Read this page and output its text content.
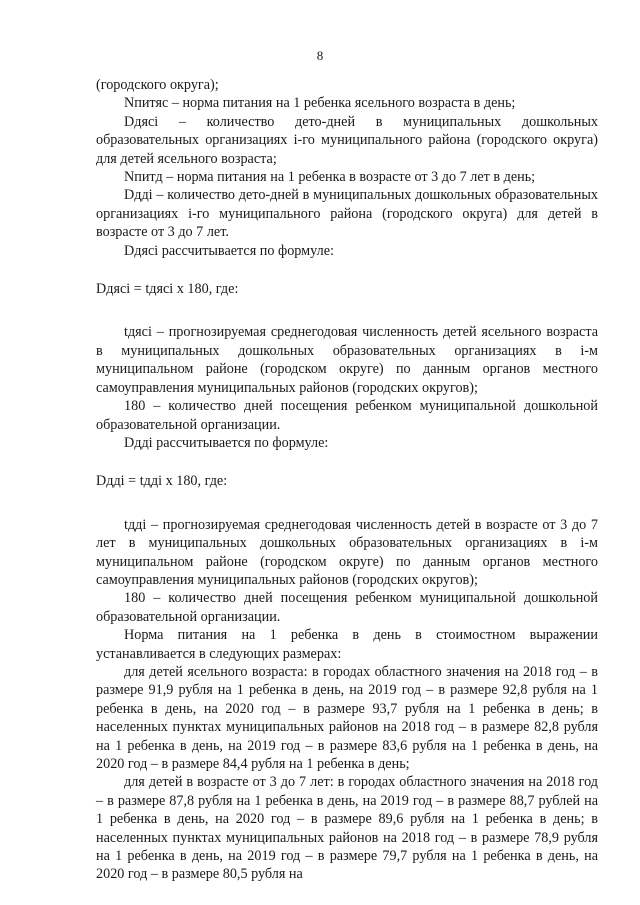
8

(городского округа);

Nпитяс – норма питания на 1 ребенка ясельного возраста в день;

Dдясi – количество дето-дней в муниципальных дошкольных образовательных организациях i-го муниципального района (городского округа) для детей ясельного возраста;

Nпитд – норма питания на 1 ребенка в возрасте от 3 до 7 лет в день;

Dдді – количество дето-дней в муниципальных дошкольных образовательных организациях i-го муниципального района (городского округа) для детей в возрасте от 3 до 7 лет.

Dдясi рассчитывается по формуле:

Dдясi = tдясi х 180, где:

tдясi – прогнозируемая среднегодовая численность детей ясельного возраста в муниципальных дошкольных образовательных организациях в i-м муниципальном районе (городском округе) по данным органов местного самоуправления муниципальных районов (городских округов);

180 – количество дней посещения ребенком муниципальной дошкольной образовательной организации.

Dдді рассчитывается по формуле:

Dдді = tдді х 180, где:

tдді – прогнозируемая среднегодовая численность детей в возрасте от 3 до 7 лет в муниципальных дошкольных образовательных организациях в i-м муниципальном районе (городском округе) по данным органов местного самоуправления муниципальных районов (городских округов);

180 – количество дней посещения ребенком муниципальной дошкольной образовательной организации.

Норма питания на 1 ребенка в день в стоимостном выражении устанавливается в следующих размерах:

для детей ясельного возраста: в городах областного значения на 2018 год – в размере 91,9 рубля на 1 ребенка в день, на 2019 год – в размере 92,8 рубля на 1 ребенка в день, на 2020 год – в размере 93,7 рубля на 1 ребенка в день; в населенных пунктах муниципальных районов на 2018 год – в размере 82,8 рубля на 1 ребенка в день, на 2019 год – в размере 83,6 рубля на 1 ребенка в день, на 2020 год – в размере 84,4 рубля на 1 ребенка в день;

для детей в возрасте от 3 до 7 лет: в городах областного значения на 2018 год – в размере 87,8 рубля на 1 ребенка в день, на 2019 год – в размере 88,7 рублей на 1 ребенка в день, на 2020 год – в размере 89,6 рубля на 1 ребенка в день; в населенных пунктах муниципальных районов на 2018 год – в размере 78,9 рубля на 1 ребенка в день, на 2019 год – в размере 79,7 рубля на 1 ребенка в день, на 2020 год – в размере 80,5 рубля на
